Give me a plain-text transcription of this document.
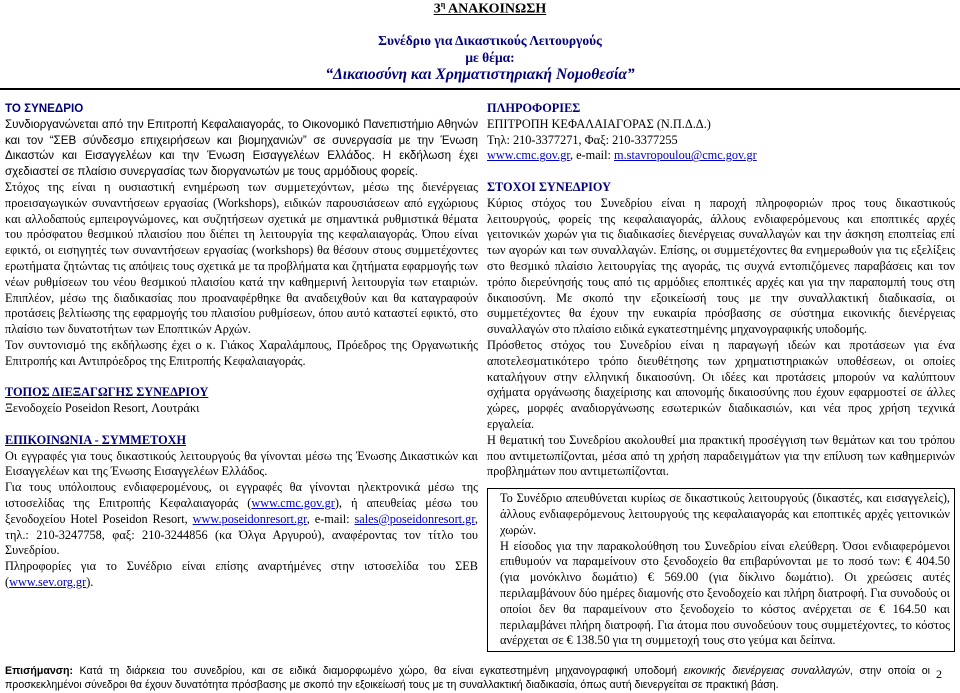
$3^\eta$ ΑΝΑΚΟΙΝΩΣΗ
Συνέδριο για Δικαστικούς Λειτουργούς
με θέμα:
“Δικαιοσύνη και Χρηματιστηριακή Νομοθεσία”

ΤΟ ΣΥΝΕΔΡΙΟ

Συνδιοργανώνεται από την Επιτροπή Κεφαλαιαγοράς, το Οικονομικό Πανεπιστήμιο Αθηνών και τον “ΣΕΒ σύνδεσμο επιχειρήσεων και βιομηχανιών” σε συνεργασία με την Ένωση Δικαστών και Εισαγγελέων και την Ένωση Εισαγγελέων Ελλάδος. Η εκδήλωση έχει σχεδιαστεί σε πλαίσιο συνεργασίας των διοργανωτών με τους αρμόδιους φορείς.

Στόχος της είναι η ουσιαστική ενημέρωση των συμμετεχόντων, μέσω της διενέργειας προεισαγωγικών συναντήσεων εργασίας (Workshops), ειδικών παρουσιάσεων από εγχώριους και αλλοδαπούς εμπειρογνώμονες, και συζητήσεων σχετικά με σημαντικά ρυθμιστικά θέματα του πρόσφατου θεσμικού πλαισίου που διέπει τη λειτουργία της κεφαλαιαγοράς. Όπου είναι εφικτό, οι εισηγητές των συναντήσεων εργασίας (workshops) θα θέσουν στους συμμετέχοντες ερωτήματα ζητώντας τις απόψεις τους σχετικά με τα προβλήματα και ζητήματα εφαρμογής των νέων ρυθμίσεων του νέου θεσμικού πλαισίου κατά την καθημερινή λειτουργία των εταιριών. Επιπλέον, μέσω της διαδικασίας που προαναφέρθηκε θα αναδειχθούν και θα καταγραφούν προτάσεις βελτίωσης της εφαρμογής του πλαισίου ρυθμίσεων, όπου αυτό καταστεί εφικτό, στο πλαίσιο των δυνατοτήτων των Εποπτικών Αρχών.

Τον συντονισμό της εκδήλωσης έχει ο κ. Γιάκος Χαραλάμπους, Πρόεδρος της Οργανωτικής Επιτροπής και Αντιπρόεδρος της Επιτροπής Κεφαλαιαγοράς.

ΤΟΠΟΣ ΔΙΕΞΑΓΩΓΗΣ ΣΥΝΕΔΡΙΟΥ

Ξενοδοχείο Poseidon Resort, Λουτράκι

ΕΠΙΚΟΙΝΩΝΙΑ - ΣΥΜΜΕΤΟΧΗ

Οι εγγραφές για τους δικαστικούς λειτουργούς θα γίνονται μέσω της Ένωσης Δικαστικών και Εισαγγελέων και της Ένωσης Εισαγγελέων Ελλάδος.

Για τους υπόλοιπους ενδιαφερομένους, οι εγγραφές θα γίνονται ηλεκτρονικά μέσω της ιστοσελίδας της Επιτροπής Κεφαλαιαγοράς (www.cmc.gov.gr), ή απευθείας μέσω του ξενοδοχείου Hotel Poseidon Resort, www.poseidonresort.gr, e-mail: sales@poseidonresort.gr, τηλ.: 210-3247758, φαξ: 210-3244856 (κα Όλγα Αργυρού), αναφέροντας τον τίτλο του Συνεδρίου.

Πληροφορίες για το Συνέδριο είναι επίσης αναρτήμένες στην ιστοσελίδα του ΣΕΒ (www.sev.org.gr).

ΠΛΗΡΟΦΟΡΙΕΣ

ΕΠΙΤΡΟΠΗ ΚΕΦΑΛΑΙΑΓΟΡΑΣ (Ν.Π.Δ.Δ.)

Τηλ: 210-3377271, Φαξ: 210-3377255

www.cmc.gov.gr, e-mail: m.stavropoulou@cmc.gov.gr

ΣΤΟΧΟΙ ΣΥΝΕΔΡΙΟΥ

Κύριος στόχος του Συνεδρίου είναι η παροχή πληροφοριών προς τους δικαστικούς λειτουργούς, φορείς της κεφαλαιαγοράς, άλλους ενδιαφερόμενους και εποπτικές αρχές γειτονικών χωρών για τις διαδικασίες διενέργειας συναλλαγών και την άσκηση εποπτείας επί των αγορών και των συναλλαγών. Επίσης, οι συμμετέχοντες θα ενημερωθούν για τις εξελίξεις στο θεσμικό πλαίσιο λειτουργίας της αγοράς, τις συχνά εντοπιζόμενες παραβάσεις και τον τρόπο διερεύνησής τους από τις αρμόδιες εποπτικές αρχές και για την παραπομπή τους στη δικαιοσύνη. Με σκοπό την εξοικείωσή τους με την συναλλακτική διαδικασία, οι συμμετέχοντες θα έχουν την ευκαιρία πρόσβασης σε σύστημα εικονικής διενέργειας συναλλαγών στο πλαίσιο ειδικά εγκατεστημένης μηχανογραφικής υποδομής.

Πρόσθετος στόχος του Συνεδρίου είναι η παραγωγή ιδεών και προτάσεων για ένα αποτελεσματικότερο τρόπο διευθέτησης των χρηματιστηριακών υποθέσεων, οι οποίες καταλήγουν στην ελληνική δικαιοσύνη. Οι ιδέες και προτάσεις μπορούν να καλύπτουν σχήματα οργάνωσης διαχείρισης και απονομής δικαιοσύνης που έχουν εφαρμοστεί σε άλλες χώρες, μορφές αναδιοργάνωσης εσωτερικών διαδικασιών, και νέα προς χρήση τεχνικά εργαλεία.

Η θεματική του Συνεδρίου ακολουθεί μια πρακτική προσέγγιση των θεμάτων και του τρόπου που αντιμετωπίζονται, μέσα από τη χρήση παραδειγμάτων για την επίλυση των καθημερινών προβλημάτων που αντιμετωπίζονται.

Το Συνέδριο απευθύνεται κυρίως σε δικαστικούς λειτουργούς (δικαστές, και εισαγγελείς), άλλους ενδιαφερόμενους λειτουργούς της κεφαλαιαγοράς και εποπτικές αρχές γειτονικών χωρών.

Η είσοδος για την παρακολούθηση του Συνεδρίου είναι ελεύθερη. Όσοι ενδιαφερόμενοι επιθυμούν να παραμείνουν στο ξενοδοχείο θα επιβαρύνονται με το ποσό των: € 404.50 (για μονόκλινο δωμάτιο) € 569.00 (για δίκλινο δωμάτιο). Οι χρεώσεις αυτές περιλαμβάνουν δύο ημέρες διαμονής στο ξενοδοχείο και πλήρη διατροφή. Για συνοδούς οι οποίοι δεν θα παραμείνουν στο ξενοδοχείο το κόστος ανέρχεται σε € 164.50 και περιλαμβάνει πλήρη διατροφή. Για άτομα που συνοδεύουν τους συμμετέχοντες, το κόστος ανέρχεται σε € 138.50 για τη συμμετοχή τους στο γεύμα και δείπνα.

Επισήμανση: Κατά τη διάρκεια του συνεδρίου, και σε ειδικά διαμορφωμένο χώρο, θα είναι εγκατεστημένη μηχανογραφική υποδομή εικονικής διενέργειας συναλλαγών, στην οποία οι προσκεκλημένοι σύνεδροι θα έχουν δυνατότητα πρόσβασης με σκοπό την εξοικείωσή τους με τη συναλλακτική διαδικασία, όπως αυτή διενεργείται σε πρακτική βάση.
2
